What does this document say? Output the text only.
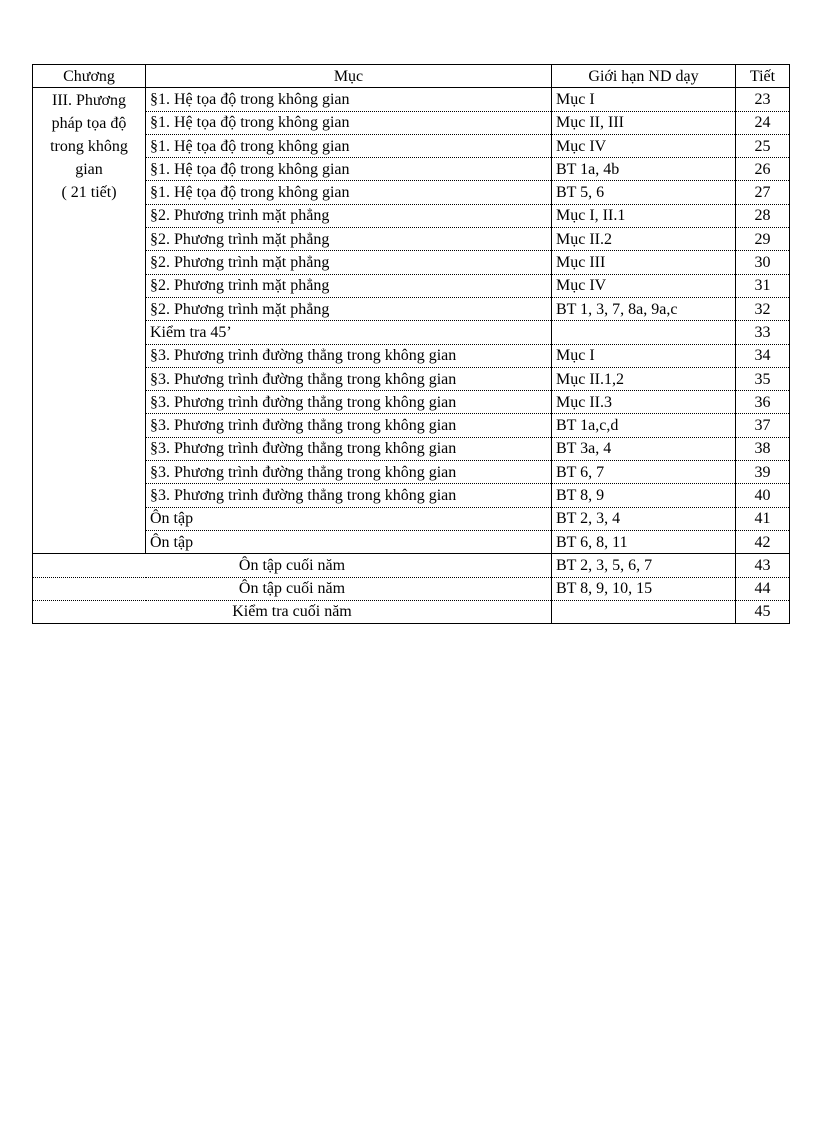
Chương	Mục	Giới hạn ND dạy	Tiết

III. Phương
pháp tọa độ
trong không
gian
( 21 tiết)	§1. Hệ tọa độ trong không gian	Mục I	23
	§1. Hệ tọa độ trong không gian	Mục II, III	24
	§1. Hệ tọa độ trong không gian	Mục IV	25
	§1. Hệ tọa độ trong không gian	BT 1a, 4b	26
	§1. Hệ tọa độ trong không gian	BT 5, 6	27
	§2. Phương trình mặt phẳng	Mục I, II.1	28
	§2. Phương trình mặt phẳng	Mục II.2	29
	§2. Phương trình mặt phẳng	Mục III	30
	§2. Phương trình mặt phẳng	Mục IV	31
	§2. Phương trình mặt phẳng	BT 1, 3, 7, 8a, 9a,c	32
	Kiểm tra 45’		33
	§3. Phương trình đường thẳng trong không gian	Mục I	34
	§3. Phương trình đường thẳng trong không gian	Mục II.1,2	35
	§3. Phương trình đường thẳng trong không gian	Mục II.3	36
	§3. Phương trình đường thẳng trong không gian	BT 1a,c,d	37
	§3. Phương trình đường thẳng trong không gian	BT 3a, 4	38
	§3. Phương trình đường thẳng trong không gian	BT 6, 7	39
	§3. Phương trình đường thẳng trong không gian	BT 8, 9	40
	Ôn tập	BT 2, 3, 4	41
	Ôn tập	BT 6, 8, 11	42
Ôn tập cuối năm		BT 2, 3, 5, 6, 7	43
Ôn tập cuối năm		BT 8, 9, 10, 15	44
Kiểm tra cuối năm			45
